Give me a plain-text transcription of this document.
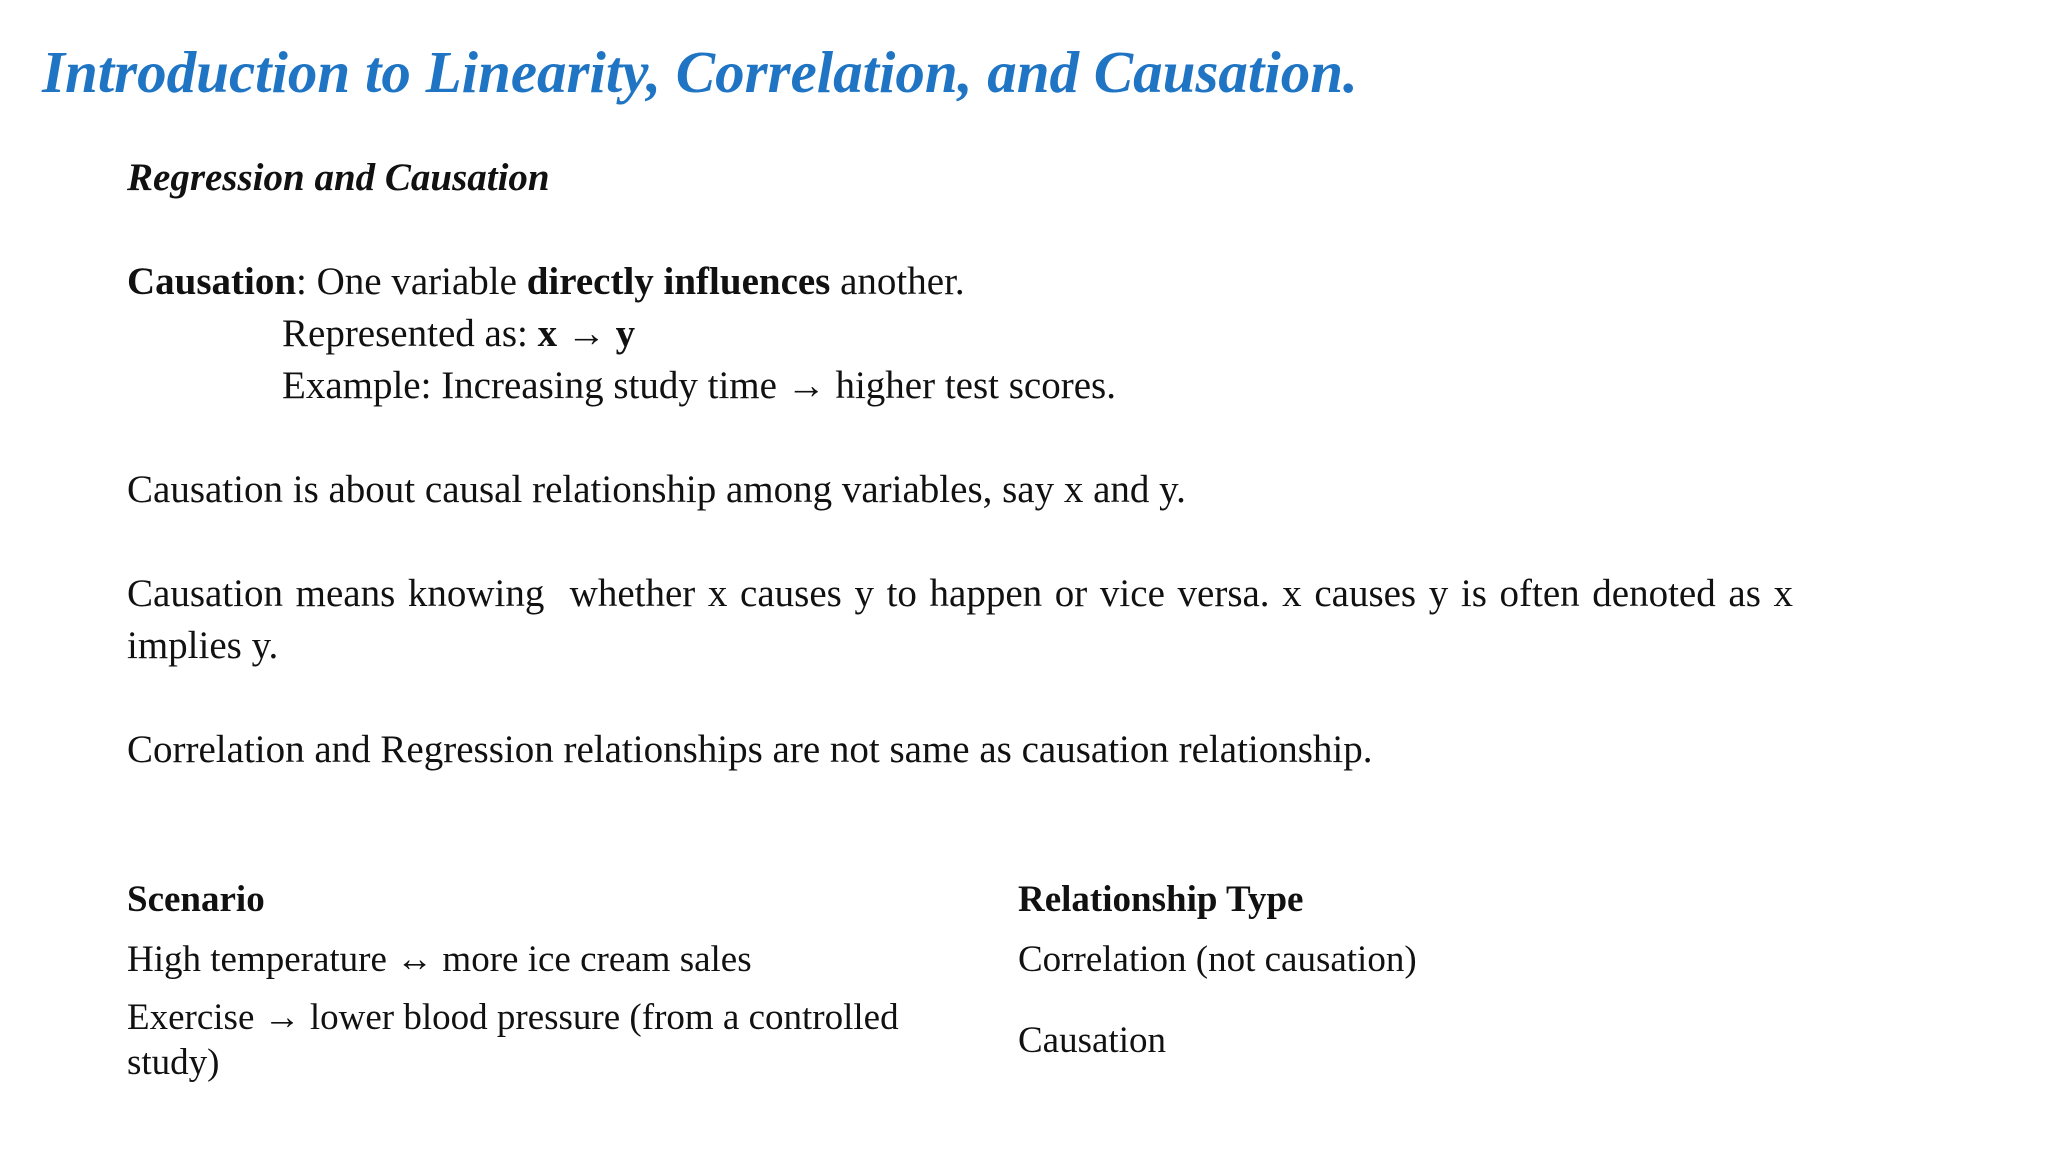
Introduction to Linearity, Correlation, and Causation.

Regression and Causation

Causation: One variable directly influences another.

Represented as: x → y

Example: Increasing study time → higher test scores.

Causation is about causal relationship among variables, say x and y.

Causation means knowing  whether x causes y to happen or vice versa. x causes y is often denoted as x implies y.

Correlation and Regression relationships are not same as causation relationship.

Scenario	Relationship Type
High temperature ↔ more ice cream sales	Correlation (not causation)
Exercise → lower blood pressure (from a controlled study)
Causation
